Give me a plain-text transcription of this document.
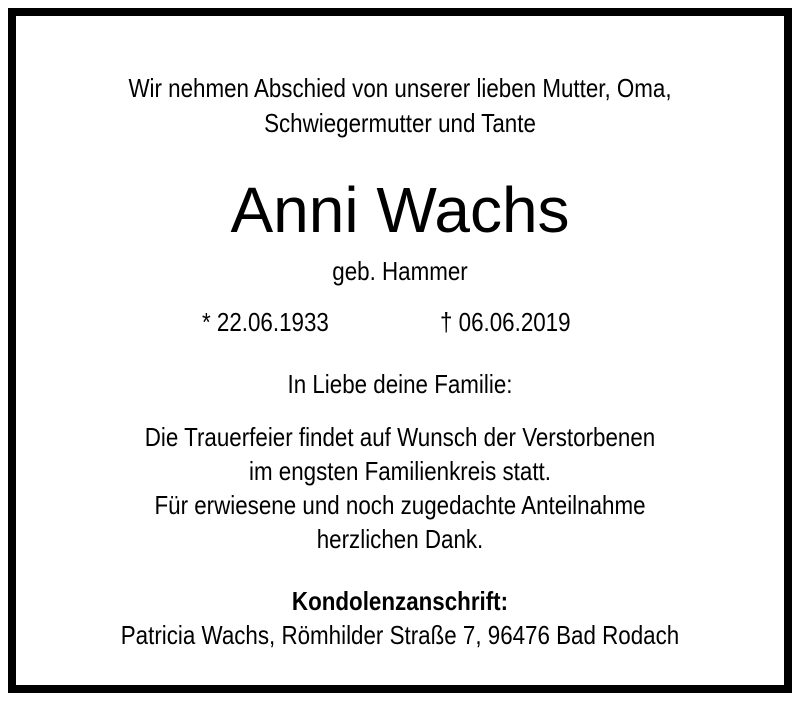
Wir nehmen Abschied von unserer lieben Mutter, Oma,
Schwiegermutter und Tante
Anni Wachs
geb. Hammer
* 22.06.1933	† 06.06.2019
In Liebe deine Familie:
Die Trauerfeier findet auf Wunsch der Verstorbenen
im engsten Familienkreis statt.
Für erwiesene und noch zugedachte Anteilnahme
herzlichen Dank.
Kondolenzanschrift:
Patricia Wachs, Römhilder Straße 7, 96476 Bad Rodach
